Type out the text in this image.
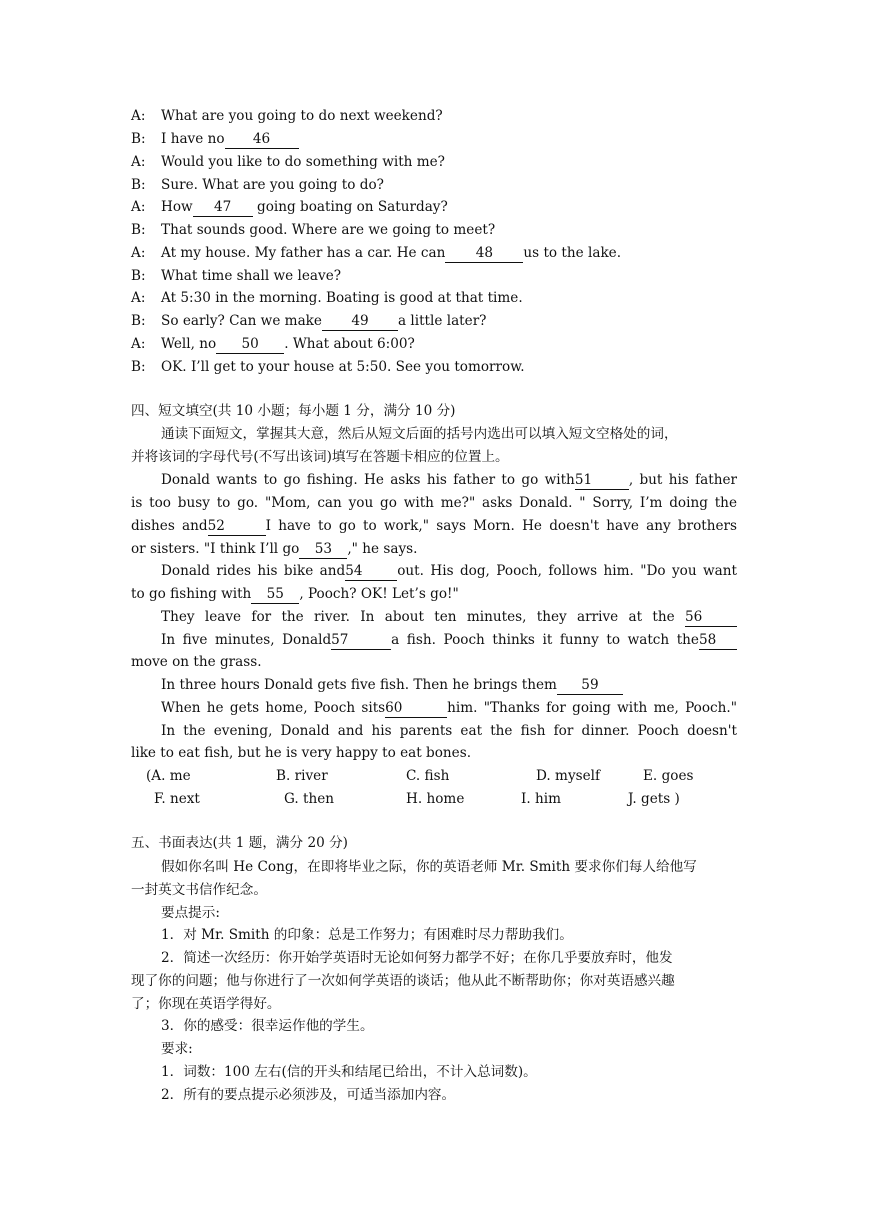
A: What are you going to do next weekend?
B: I have no 46
A: Would you like to do something with me?
B: Sure. What are you going to do?
A: How 47 going boating on Saturday?
B: That sounds good. Where are we going to meet?
A: At my house. My father has a car. He can 48 us to the lake.
B: What time shall we leave?
A: At 5:30 in the morning. Boating is good at that time.
B: So early? Can we make 49 a little later?
A: Well, no 50 . What about 6:00?
B: OK. I’ll get to your house at 5:50. See you tomorrow.
四、短文填空(共 10 小题；每小题 1 分，满分 10 分)
通读下面短文，掌握其大意，然后从短文后面的括号内选出可以填入短文空格处的词，
并将该词的字母代号(不写出该词)填写在答题卡相应的位置上。
Donald wants to go fishing. He asks his father to go with51	, but his father
is too busy to go. "Mom, can you go with me?" asks Donald. " Sorry, I’m doing the
dishes and52	I have to go to work," says Morn. He doesn't have any brothers
or sisters. "I think I’ll go 53 ," he says.
Donald rides his bike and54	out. His dog, Pooch, follows him. "Do you want
to go fishing with 55 , Pooch? OK! Let’s go!"
They leave for the river. In about ten minutes, they arrive at the 56
In five minutes, Donald57	a fish. Pooch thinks it funny to watch the58
move on the grass.
In three hours Donald gets five fish. Then he brings them 59
When he gets home, Pooch sits60	him. "Thanks for going with me, Pooch."
In the evening, Donald and his parents eat the fish for dinner. Pooch doesn't
like to eat fish, but he is very happy to eat bones.
(A. me	B. river	C. fish	D. myself	E. goes
F. next	G. then	H. home	I. him	J. gets )
五、书面表达(共 1 题，满分 20 分)
假如你名叫 He Cong，在即将毕业之际，你的英语老师 Mr. Smith 要求你们每人给他写
一封英文书信作纪念。
要点提示:
1．对 Mr. Smith 的印象：总是工作努力；有困难时尽力帮助我们。
2．简述一次经历：你开始学英语时无论如何努力都学不好；在你几乎要放弃时，他发
现了你的问题；他与你进行了一次如何学英语的谈话；他从此不断帮助你；你对英语感兴趣
了；你现在英语学得好。
3．你的感受：很幸运作他的学生。
要求:
1．词数：100 左右(信的开头和结尾已给出，不计入总词数)。
2．所有的要点提示必须涉及，可适当添加内容。
